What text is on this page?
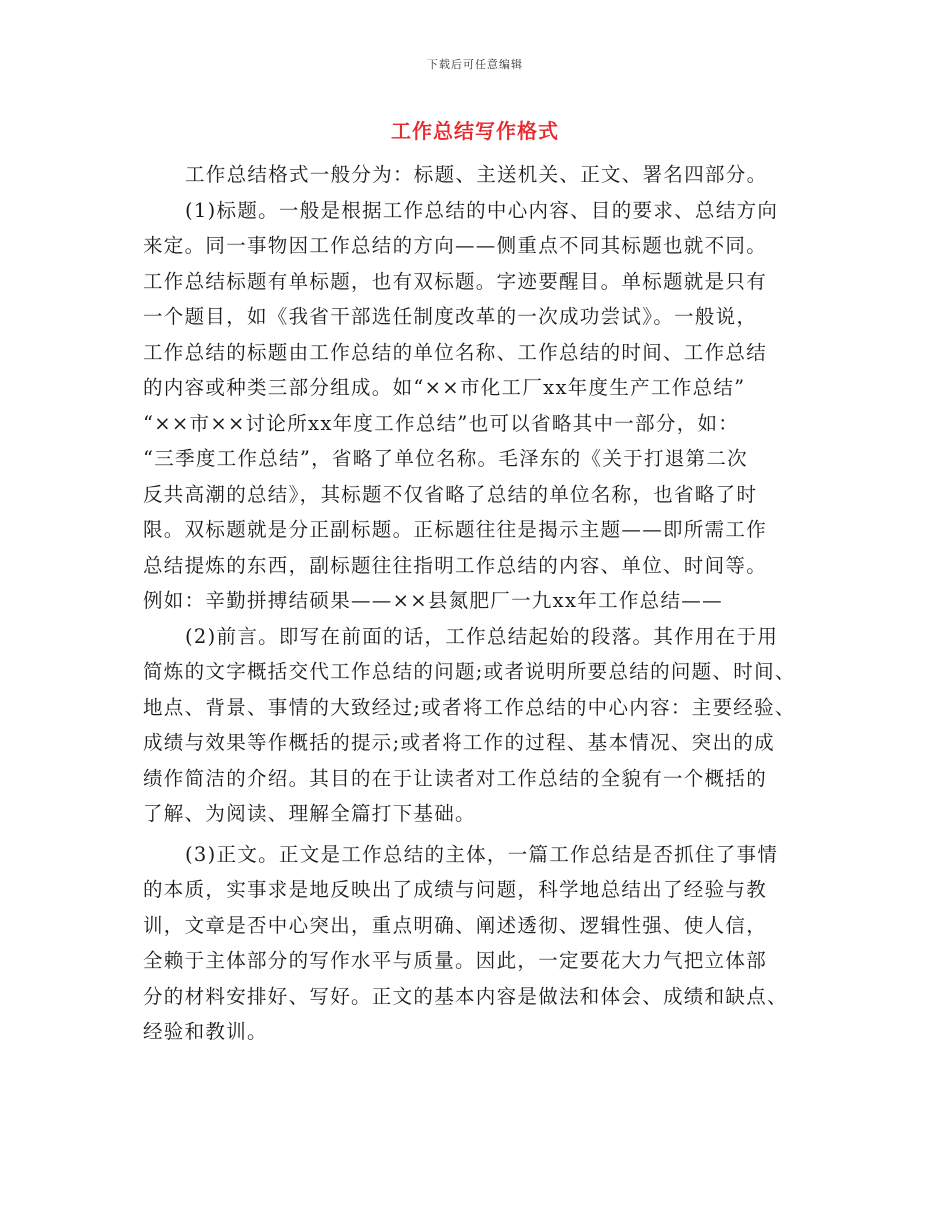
下载后可任意编辑
工作总结写作格式
工作总结格式一般分为：标题、主送机关、正文、署名四部分。
(1)标题。一般是根据工作总结的中心内容、目的要求、总结方向
来定。同一事物因工作总结的方向——侧重点不同其标题也就不同。
工作总结标题有单标题，也有双标题。字迹要醒目。单标题就是只有
一个题目，如《我省干部选任制度改革的一次成功尝试》。一般说，
工作总结的标题由工作总结的单位名称、工作总结的时间、工作总结
的内容或种类三部分组成。如“××市化工厂xx年度生产工作总结”
“××市××讨论所xx年度工作总结”也可以省略其中一部分，如：
“三季度工作总结”，省略了单位名称。毛泽东的《关于打退第二次
反共高潮的总结》，其标题不仅省略了总结的单位名称，也省略了时
限。双标题就是分正副标题。正标题往往是揭示主题——即所需工作
总结提炼的东西，副标题往往指明工作总结的内容、单位、时间等。
例如：辛勤拼搏结硕果——××县氮肥厂一九xx年工作总结——
(2)前言。即写在前面的话，工作总结起始的段落。其作用在于用
简炼的文字概括交代工作总结的问题;或者说明所要总结的问题、时间、
地点、背景、事情的大致经过;或者将工作总结的中心内容：主要经验、
成绩与效果等作概括的提示;或者将工作的过程、基本情况、突出的成
绩作简洁的介绍。其目的在于让读者对工作总结的全貌有一个概括的
了解、为阅读、理解全篇打下基础。
(3)正文。正文是工作总结的主体，一篇工作总结是否抓住了事情
的本质，实事求是地反映出了成绩与问题，科学地总结出了经验与教
训，文章是否中心突出，重点明确、阐述透彻、逻辑性强、使人信，
全赖于主体部分的写作水平与质量。因此，一定要花大力气把立体部
分的材料安排好、写好。正文的基本内容是做法和体会、成绩和缺点、
经验和教训。
